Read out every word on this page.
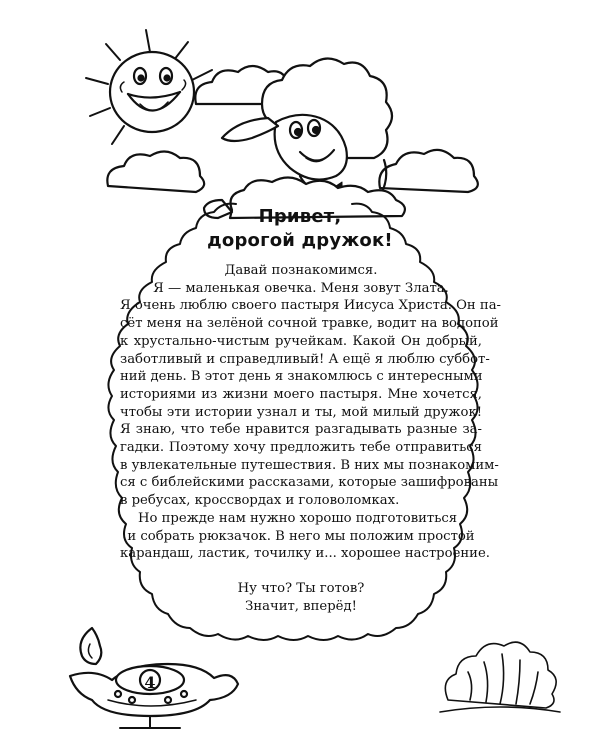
Привет,
дорогой дружок!
Давай познакомимся.
Я — маленькая овечка. Меня зовут Злата.
Я очень люблю своего пастыря Иисуса Христа. Он па-
сёт меня на зелёной сочной травке, водит на водопой
к хрустально-чистым ручейкам. Какой Он добрый,
заботливый и справедливый! А ещё я люблю суббот-
ний день. В этот день я знакомлюсь с интересными
историями из жизни моего пастыря. Мне хочется,
чтобы эти истории узнал и ты, мой милый дружок!
Я знаю, что тебе нравится разгадывать разные за-
гадки. Поэтому хочу предложить тебе отправиться
в увлекательные путешествия. В них мы познакомим-
ся с библейскими рассказами, которые зашифрованы
в ребусах, кроссвордах и головоломках.
Но прежде нам нужно хорошо подготовиться
и собрать рюкзачок. В него мы положим простой
карандаш, ластик, точилку и... хорошее настроение.
Ну что? Ты готов?
Значит, вперёд!
4
